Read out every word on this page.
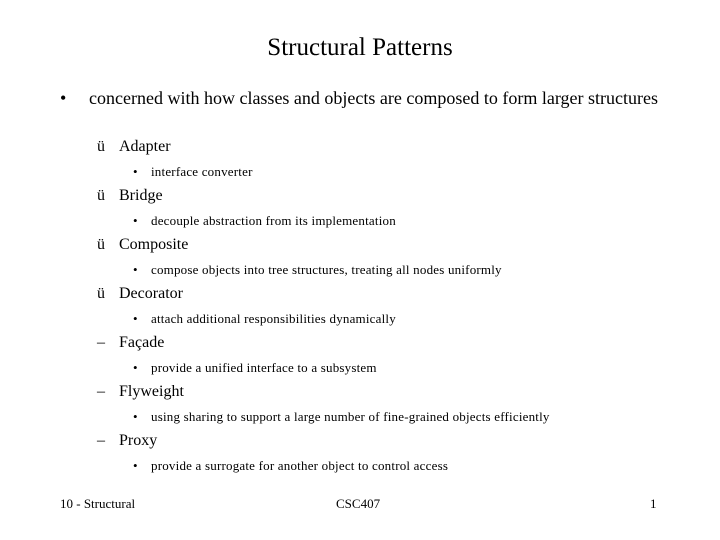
Structural Patterns
• concerned with how classes and objects are composed to form larger structures
ü Adapter
• interface converter
ü Bridge
• decouple abstraction from its implementation
ü Composite
• compose objects into tree structures, treating all nodes uniformly
ü Decorator
• attach additional responsibilities dynamically
– Façade
• provide a unified interface to a subsystem
– Flyweight
• using sharing to support a large number of fine-grained objects efficiently
– Proxy
• provide a surrogate for another object to control access
10 - Structural	CSC407	1
